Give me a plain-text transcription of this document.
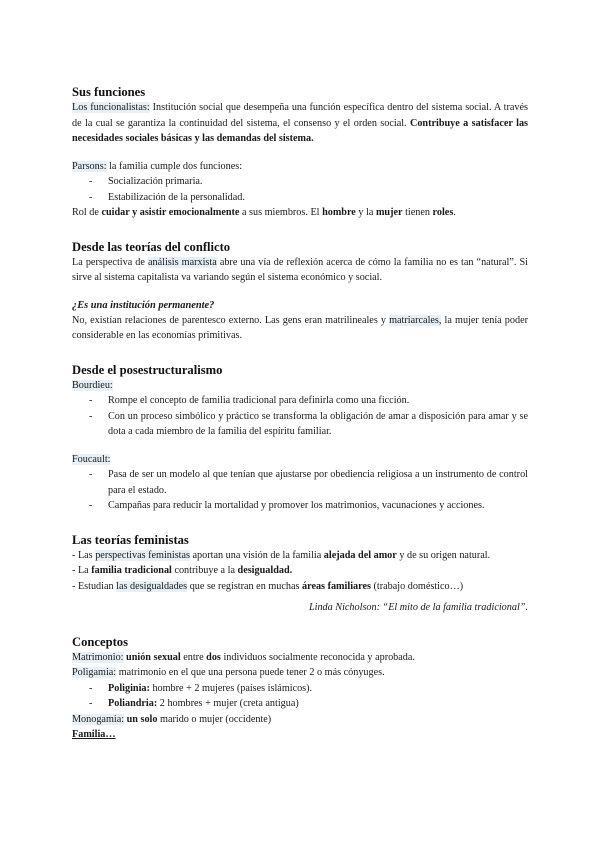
Sus funciones

Los funcionalistas: Institución social que desempeña una función específica dentro del sistema social. A través de la cual se garantiza la continuidad del sistema, el consenso y el orden social. Contribuye a satisfacer las necesidades sociales básicas y las demandas del sistema.

Parsons: la familia cumple dos funciones:

- Socialización primaria.
- Estabilización de la personalidad.

Rol de cuidar y asistir emocionalmente a sus miembros. El hombre y la mujer tienen roles.

Desde las teorías del conflicto

La perspectiva de análisis marxista abre una vía de reflexión acerca de cómo la familia no es tan “natural”. Si sirve al sistema capitalista va variando según el sistema económico y social.

¿Es una institución permanente?

No, existían relaciones de parentesco externo. Las gens eran matrilineales y matriarcales, la mujer tenía poder considerable en las economías primitivas.

Desde el posestructuralismo

Bourdieu:

- Rompe el concepto de familia tradicional para definirla como una ficción.
- Con un proceso simbólico y práctico se transforma la obligación de amar a disposición para amar y se dota a cada miembro de la familia del espíritu familiar.

Foucault:

- Pasa de ser un modelo al que tenían que ajustarse por obediencia religiosa a un instrumento de control para el estado.
- Campañas para reducir la mortalidad y promover los matrimonios, vacunaciones y acciones.
Las teorías feministas

- Las perspectivas feministas aportan una visión de la familia alejada del amor y de su origen natural.

- La familia tradicional contribuye a la desigualdad.

- Estudian las desigualdades que se registran en muchas áreas familiares (trabajo doméstico…)

Linda Nicholson: “El mito de la familia tradicional”.

Conceptos

Matrimonio: unión sexual entre dos individuos socialmente reconocida y aprobada.

Poligamia: matrimonio en el que una persona puede tener 2 o más cónyuges.

- Poliginia: hombre + 2 mujeres (países islámicos).
- Poliandria: 2 hombres + mujer (creta antigua)

Monogamia: un solo marido o mujer (occidente)

Familia…
